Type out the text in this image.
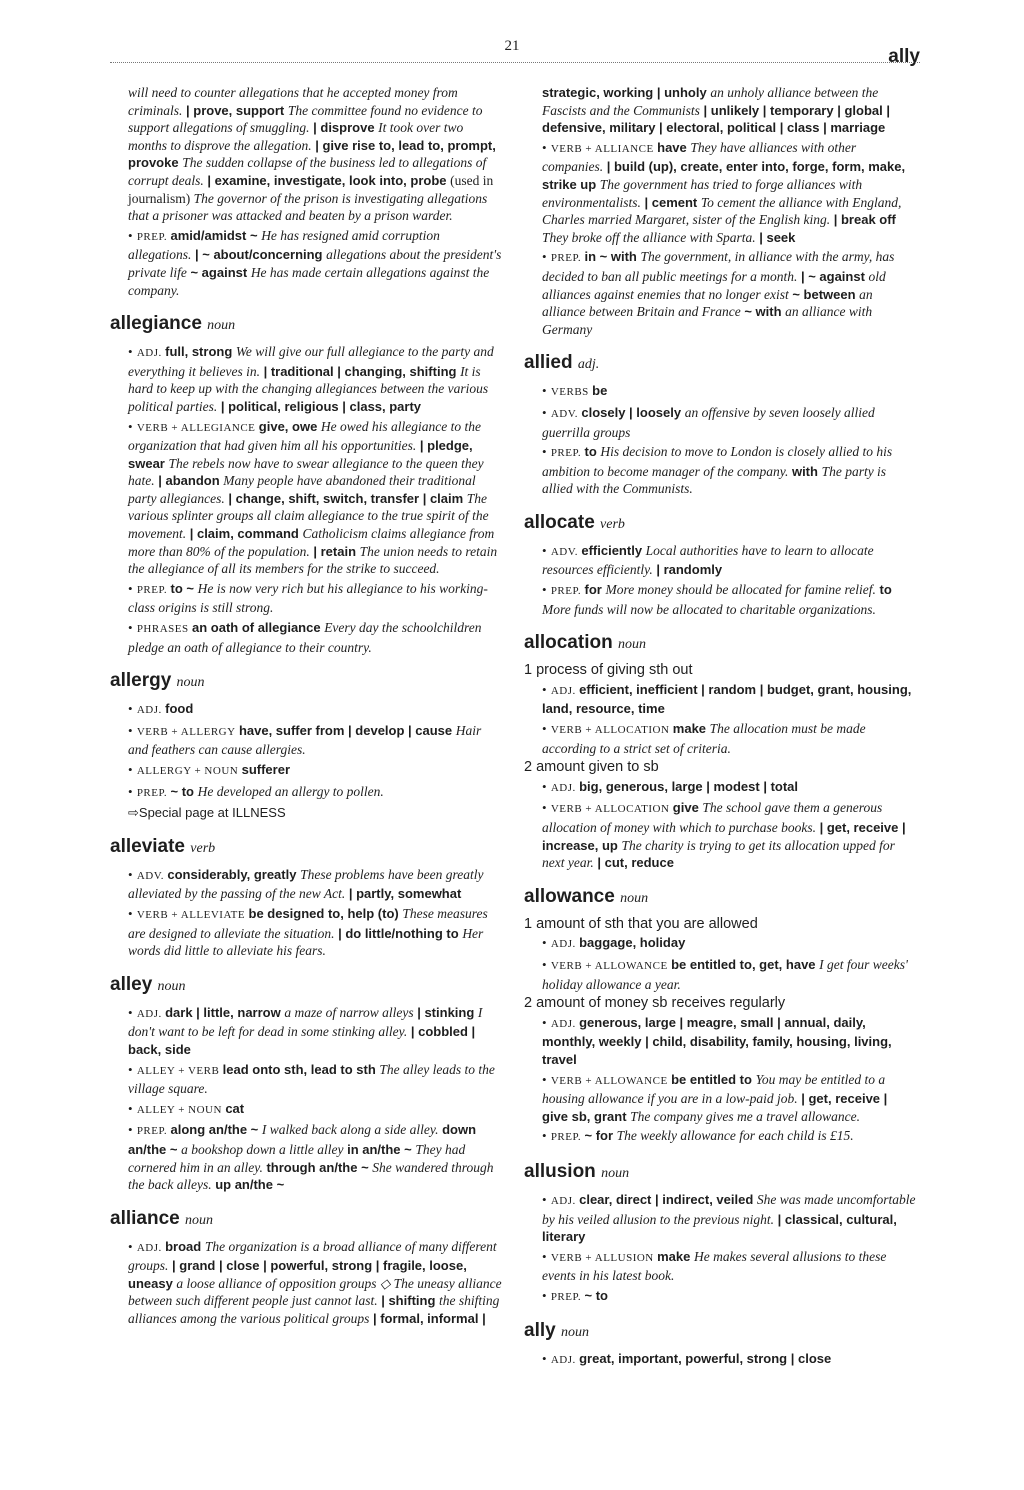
21	ally

will need to counter allegations that he accepted money from criminals. | prove, support The committee found no evidence to support allegations of smuggling. | disprove It took over two months to disprove the allegation. | give rise to, lead to, prompt, provoke The sudden collapse of the business led to allegations of corrupt deals. | examine, investigate, look into, probe (used in journalism) The governor of the prison is investigating allegations that a prisoner was attacked and beaten by a prison warder.

• PREP. amid/amidst ~ He has resigned amid corruption allegations. | ~ about/concerning allegations about the president's private life ~ against He has made certain allegations against the company.

allegiance noun

• ADJ. full, strong We will give our full allegiance to the party and everything it believes in. | traditional | changing, shifting It is hard to keep up with the changing allegiances between the various political parties. | political, religious | class, party

• VERB + ALLEGIANCE give, owe He owed his allegiance to the organization that had given him all his opportunities. | pledge, swear The rebels now have to swear allegiance to the queen they hate. | abandon Many people have abandoned their traditional party allegiances. | change, shift, switch, transfer | claim The various splinter groups all claim allegiance to the true spirit of the movement. | claim, command Catholicism claims allegiance from more than 80% of the population. | retain The union needs to retain the allegiance of all its members for the strike to succeed.

• PREP. to ~ He is now very rich but his allegiance to his working-class origins is still strong.

• PHRASES an oath of allegiance Every day the schoolchildren pledge an oath of allegiance to their country.

allergy noun

• ADJ. food

• VERB + ALLERGY have, suffer from | develop | cause Hair and feathers can cause allergies.

• ALLERGY + NOUN sufferer

• PREP. ~ to He developed an allergy to pollen.

⇨ Special page at ILLNESS

alleviate verb

• ADV. considerably, greatly These problems have been greatly alleviated by the passing of the new Act. | partly, somewhat

• VERB + ALLEVIATE be designed to, help (to) These measures are designed to alleviate the situation. | do little/nothing to Her words did little to alleviate his fears.

alley noun

• ADJ. dark | little, narrow a maze of narrow alleys | stinking I don't want to be left for dead in some stinking alley. | cobbled | back, side

• ALLEY + VERB lead onto sth, lead to sth The alley leads to the village square.

• ALLEY + NOUN cat

• PREP. along an/the ~ I walked back along a side alley. down an/the ~ a bookshop down a little alley in an/the ~ They had cornered him in an alley. through an/the ~ She wandered through the back alleys. up an/the ~

alliance noun

• ADJ. broad The organization is a broad alliance of many different groups. | grand | close | powerful, strong | fragile, loose, uneasy a loose alliance of opposition groups ◇ The uneasy alliance between such different people just cannot last. | shifting the shifting alliances among the various political groups | formal, informal |

strategic, working | unholy an unholy alliance between the Fascists and the Communists | unlikely | temporary | global | defensive, military | electoral, political | class | marriage

• VERB + ALLIANCE have They have alliances with other companies. | build (up), create, enter into, forge, form, make, strike up The government has tried to forge alliances with environmentalists. | cement To cement the alliance with England, Charles married Margaret, sister of the English king. | break off They broke off the alliance with Sparta. | seek

• PREP. in ~ with The government, in alliance with the army, has decided to ban all public meetings for a month. | ~ against old alliances against enemies that no longer exist ~ between an alliance between Britain and France ~ with an alliance with Germany

allied adj.

• VERBS be

• ADV. closely | loosely an offensive by seven loosely allied guerrilla groups

• PREP. to His decision to move to London is closely allied to his ambition to become manager of the company. with The party is allied with the Communists.

allocate verb

• ADV. efficiently Local authorities have to learn to allocate resources efficiently. | randomly

• PREP. for More money should be allocated for famine relief. to More funds will now be allocated to charitable organizations.

allocation noun
1 process of giving sth out

• ADJ. efficient, inefficient | random | budget, grant, housing, land, resource, time

• VERB + ALLOCATION make The allocation must be made according to a strict set of criteria.

2 amount given to sb

• ADJ. big, generous, large | modest | total

• VERB + ALLOCATION give The school gave them a generous allocation of money with which to purchase books. | get, receive | increase, up The charity is trying to get its allocation upped for next year. | cut, reduce

allowance noun
1 amount of sth that you are allowed

• ADJ. baggage, holiday

• VERB + ALLOWANCE be entitled to, get, have I get four weeks' holiday allowance a year.

2 amount of money sb receives regularly

• ADJ. generous, large | meagre, small | annual, daily, monthly, weekly | child, disability, family, housing, living, travel

• VERB + ALLOWANCE be entitled to You may be entitled to a housing allowance if you are in a low-paid job. | get, receive | give sb, grant The company gives me a travel allowance.

• PREP. ~ for The weekly allowance for each child is £15.

allusion noun

• ADJ. clear, direct | indirect, veiled She was made uncomfortable by his veiled allusion to the previous night. | classical, cultural, literary

• VERB + ALLUSION make He makes several allusions to these events in his latest book.

• PREP. ~ to

ally noun

• ADJ. great, important, powerful, strong | close
